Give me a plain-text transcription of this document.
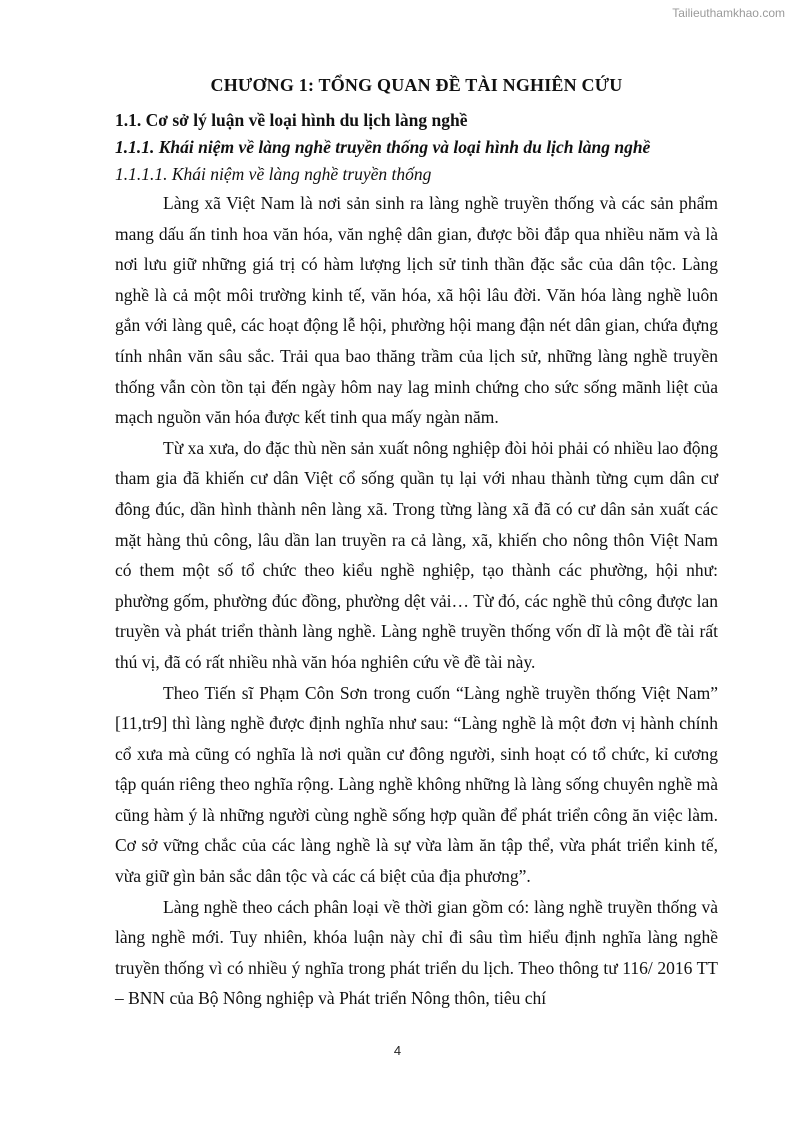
Tailieuthamkhao.com
CHƯƠNG 1: TỔNG QUAN ĐỀ TÀI NGHIÊN CỨU

1.1. Cơ sở lý luận về loại hình du lịch làng nghề

1.1.1. Khái niệm về làng nghề truyền thống và loại hình du lịch làng nghề

1.1.1.1. Khái niệm về làng nghề truyền thống

Làng xã Việt Nam là nơi sản sinh ra làng nghề truyền thống và các sản phẩm mang dấu ấn tinh hoa văn hóa, văn nghệ dân gian, được bồi đắp qua nhiều năm và là nơi lưu giữ những giá trị có hàm lượng lịch sử tinh thần đặc sắc của dân tộc. Làng nghề là cả một môi trường kinh tế, văn hóa, xã hội lâu đời. Văn hóa làng nghề luôn gắn với làng quê, các hoạt động lễ hội, phường hội mang đận nét dân gian, chứa đựng tính nhân văn sâu sắc. Trải qua bao thăng trầm của lịch sử, những làng nghề truyền thống vẫn còn tồn tại đến ngày hôm nay lag minh chứng cho sức sống mãnh liệt của mạch nguồn văn hóa được kết tinh qua mấy ngàn năm.

Từ xa xưa, do đặc thù nền sản xuất nông nghiệp đòi hỏi phải có nhiều lao động tham gia đã khiến cư dân Việt cổ sống quần tụ lại với nhau thành từng cụm dân cư đông đúc, dần hình thành nên làng xã. Trong từng làng xã đã có cư dân sản xuất các mặt hàng thủ công, lâu dần lan truyền ra cả làng, xã, khiến cho nông thôn Việt Nam có them một số tổ chức theo kiểu nghề nghiệp, tạo thành các phường, hội như: phường gốm, phường đúc đồng, phường dệt vải… Từ đó, các nghề thủ công được lan truyền và phát triển thành làng nghề. Làng nghề truyền thống vốn dĩ là một đề tài rất thú vị, đã có rất nhiều nhà văn hóa nghiên cứu về đề tài này.

Theo Tiến sĩ Phạm Côn Sơn trong cuốn “Làng nghề truyền thống Việt Nam” [11,tr9] thì làng nghề được định nghĩa như sau: “Làng nghề là một đơn vị hành chính cổ xưa mà cũng có nghĩa là nơi quần cư đông người, sinh hoạt có tổ chức, kỉ cương tập quán riêng theo nghĩa rộng. Làng nghề không những là làng sống chuyên nghề mà cũng hàm ý là những người cùng nghề sống hợp quần để phát triển công ăn việc làm. Cơ sở vững chắc của các làng nghề là sự vừa làm ăn tập thể, vừa phát triển kinh tế, vừa giữ gìn bản sắc dân tộc và các cá biệt của địa phương”.

Làng nghề theo cách phân loại về thời gian gồm có: làng nghề truyền thống và làng nghề mới. Tuy nhiên, khóa luận này chỉ đi sâu tìm hiểu định nghĩa làng nghề truyền thống vì có nhiều ý nghĩa trong phát triển du lịch. Theo thông tư 116/ 2016 TT – BNN của Bộ Nông nghiệp và Phát triển Nông thôn, tiêu chí

4
